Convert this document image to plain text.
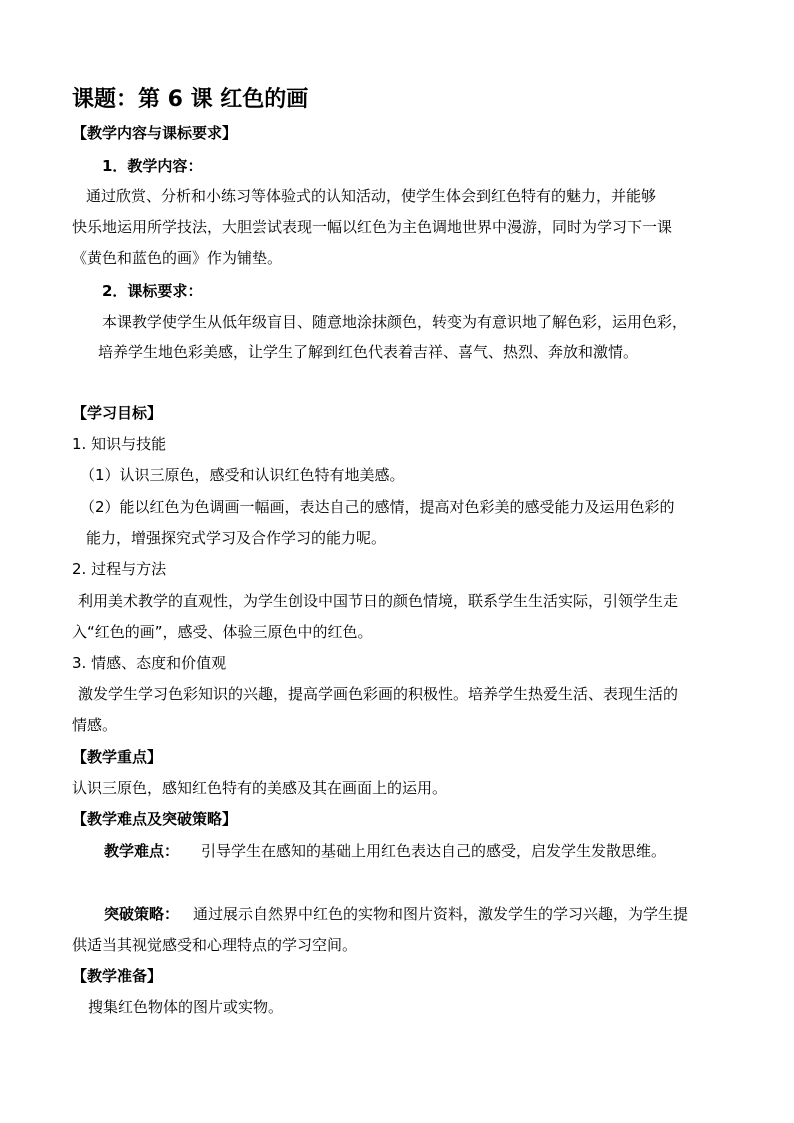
课题：第 6 课 红色的画
【教学内容与课标要求】
1．教学内容：
通过欣赏、分析和小练习等体验式的认知活动，使学生体会到红色特有的魅力，并能够
快乐地运用所学技法，大胆尝试表现一幅以红色为主色调地世界中漫游，同时为学习下一课
《黄色和蓝色的画》作为铺垫。
2．课标要求：
本课教学使学生从低年级盲目、随意地涂抹颜色，转变为有意识地了解色彩，运用色彩，
培养学生地色彩美感，让学生了解到红色代表着吉祥、喜气、热烈、奔放和激情。
【学习目标】
1. 知识与技能
（1）认识三原色，感受和认识红色特有地美感。
（2）能以红色为色调画一幅画，表达自己的感情，提高对色彩美的感受能力及运用色彩的
能力，增强探究式学习及合作学习的能力呢。
2. 过程与方法
利用美术教学的直观性，为学生创设中国节日的颜色情境，联系学生生活实际，引领学生走
入“红色的画”，感受、体验三原色中的红色。
3. 情感、态度和价值观
激发学生学习色彩知识的兴趣，提高学画色彩画的积极性。培养学生热爱生活、表现生活的
情感。
【教学重点】
认识三原色，感知红色特有的美感及其在画面上的运用。
【教学难点及突破策略】
教学难点： 引导学生在感知的基础上用红色表达自己的感受，启发学生发散思维。
突破策略： 通过展示自然界中红色的实物和图片资料，激发学生的学习兴趣，为学生提
供适当其视觉感受和心理特点的学习空间。
【教学准备】
搜集红色物体的图片或实物。
